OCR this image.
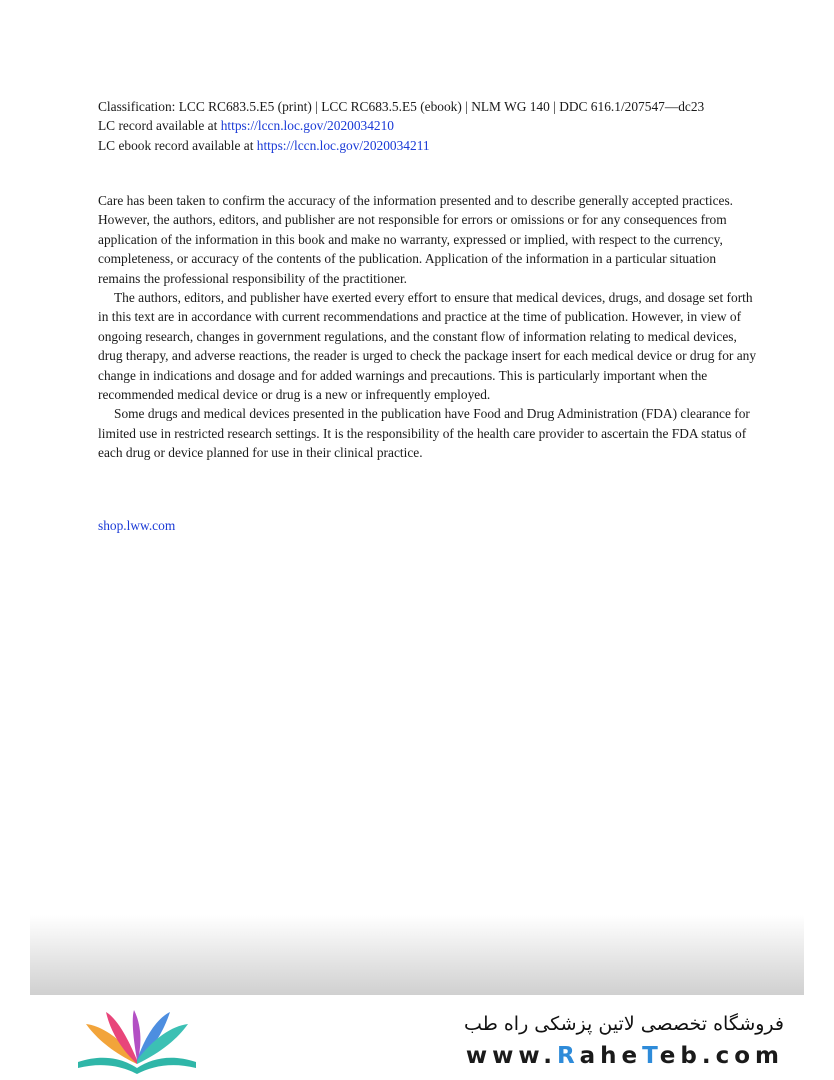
Classification: LCC RC683.5.E5 (print) | LCC RC683.5.E5 (ebook) | NLM WG 140 | DDC 616.1/207547—dc23

LC record available at https://lccn.loc.gov/2020034210

LC ebook record available at https://lccn.loc.gov/2020034211

Care has been taken to confirm the accuracy of the information presented and to describe generally accepted practices. However, the authors, editors, and publisher are not responsible for errors or omissions or for any consequences from application of the information in this book and make no warranty, expressed or implied, with respect to the currency, completeness, or accuracy of the contents of the publication. Application of the information in a particular situation remains the professional responsibility of the practitioner.

The authors, editors, and publisher have exerted every effort to ensure that medical devices, drugs, and dosage set forth in this text are in accordance with current recommendations and practice at the time of publication. However, in view of ongoing research, changes in government regulations, and the constant flow of information relating to medical devices, drug therapy, and adverse reactions, the reader is urged to check the package insert for each medical device or drug for any change in indications and dosage and for added warnings and precautions. This is particularly important when the recommended medical device or drug is a new or infrequently employed.

Some drugs and medical devices presented in the publication have Food and Drug Administration (FDA) clearance for limited use in restricted research settings. It is the responsibility of the health care provider to ascertain the FDA status of each drug or device planned for use in their clinical practice.

shop.lww.com
فروشگاه تخصصی لاتین پزشکی راه طب
www.RaheTeb.com
